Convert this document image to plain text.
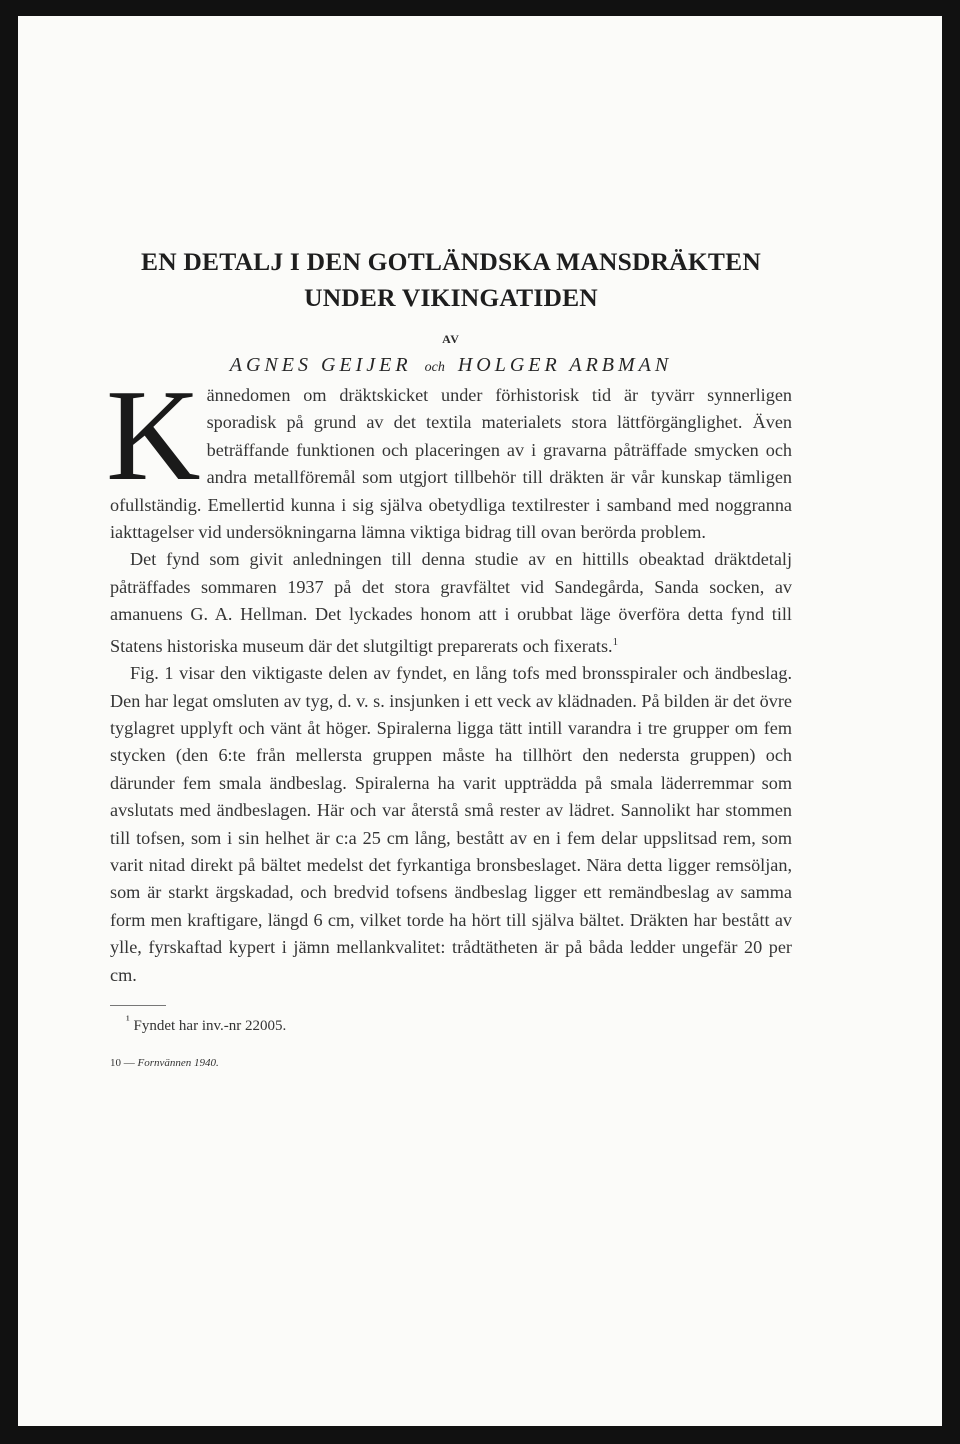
EN DETALJ I DEN GOTLÄNDSKA MANSDRÄKTEN
UNDER VIKINGATIDEN
AV
AGNES GEIJER och HOLGER ARBMAN

Kännedomen om dräktskicket under förhistorisk tid är tyvärr synnerligen sporadisk på grund av det textila materialets stora lättförgänglighet. Även beträffande funktionen och placeringen av i gravarna påträffade smycken och andra metallföremål som utgjort tillbehör till dräkten är vår kunskap tämligen ofullständig. Emellertid kunna i sig själva obetydliga textilrester i samband med noggranna iakttagelser vid undersökningarna lämna viktiga bidrag till ovan berörda problem.

Det fynd som givit anledningen till denna studie av en hittills obeaktad dräktdetalj påträffades sommaren 1937 på det stora gravfältet vid Sandegårda, Sanda socken, av amanuens G. A. Hellman. Det lyckades honom att i orubbat läge överföra detta fynd till Statens historiska museum där det slutgiltigt preparerats och fixerats.$^1$

Fig. 1 visar den viktigaste delen av fyndet, en lång tofs med bronsspiraler och ändbeslag. Den har legat omsluten av tyg, d. v. s. insjunken i ett veck av klädnaden. På bilden är det övre tyglagret upplyft och vänt åt höger. Spiralerna ligga tätt intill varandra i tre grupper om fem stycken (den 6:te från mellersta gruppen måste ha tillhört den nedersta gruppen) och därunder fem smala ändbeslag. Spiralerna ha varit uppträdda på smala läderremmar som avslutats med ändbeslagen. Här och var återstå små rester av lädret. Sannolikt har stommen till tofsen, som i sin helhet är c:a 25 cm lång, bestått av en i fem delar uppslitsad rem, som varit nitad direkt på bältet medelst det fyrkantiga bronsbeslaget. Nära detta ligger remsöljan, som är starkt ärgskadad, och bredvid tofsens ändbeslag ligger ett remändbeslag av samma form men kraftigare, längd 6 cm, vilket torde ha hört till själva bältet. Dräkten har bestått av ylle, fyrskaftad kypert i jämn mellankvalitet: trådtätheten är på båda ledder ungefär 20 per cm.

$^{^1}$ Fyndet har inv.-nr 22005.
10 — Fornvännen 1940.
